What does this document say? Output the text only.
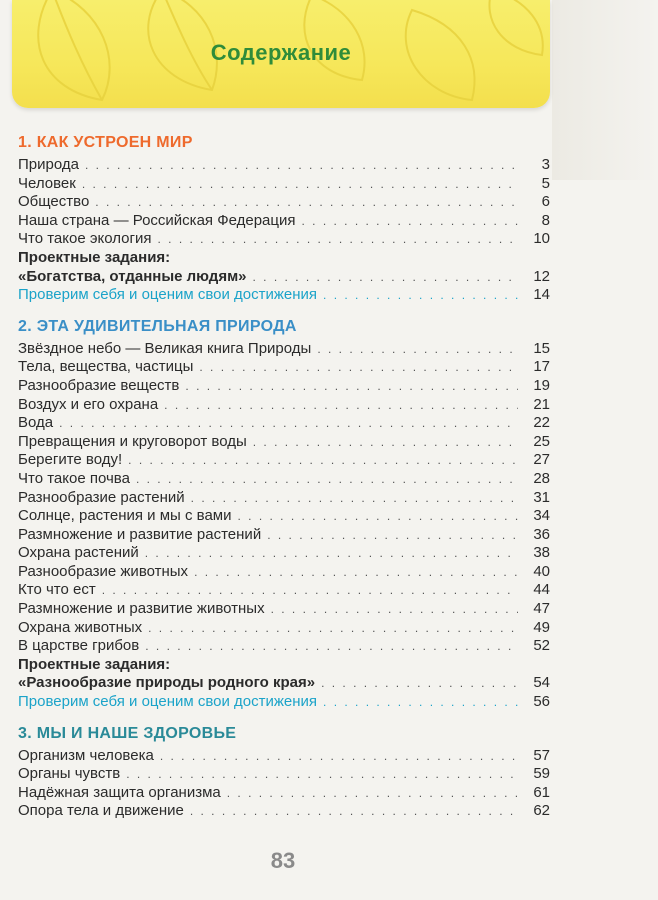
Содержание
1. КАК УСТРОЕН МИР
Природа . . .	3
Человек . . .	5
Общество . . .	6
Наша страна — Российская Федерация . . .	8
Что такое экология . . .	10
Проектные задания:
«Богатства, отданные людям» . . .	12
Проверим себя и оценим свои достижения . . .	14
2. ЭТА УДИВИТЕЛЬНАЯ ПРИРОДА
Звёздное небо — Великая книга Природы . . .	15
Тела, вещества, частицы . . .	17
Разнообразие веществ . . .	19
Воздух и его охрана . . .	21
Вода . . .	22
Превращения и круговорот воды . . .	25
Берегите воду! . . .	27
Что такое почва . . .	28
Разнообразие растений . . .	31
Солнце, растения и мы с вами . . .	34
Размножение и развитие растений . . .	36
Охрана растений . . .	38
Разнообразие животных . . .	40
Кто что ест . . .	44
Размножение и развитие животных . . .	47
Охрана животных . . .	49
В царстве грибов . . .	52
Проектные задания:
«Разнообразие природы родного края» . . .	54
Проверим себя и оценим свои достижения . . .	56
3. МЫ И НАШЕ ЗДОРОВЬЕ
Организм человека . . .	57
Органы чувств . . .	59
Надёжная защита организма . . .	61
Опора тела и движение . . .	62
83
